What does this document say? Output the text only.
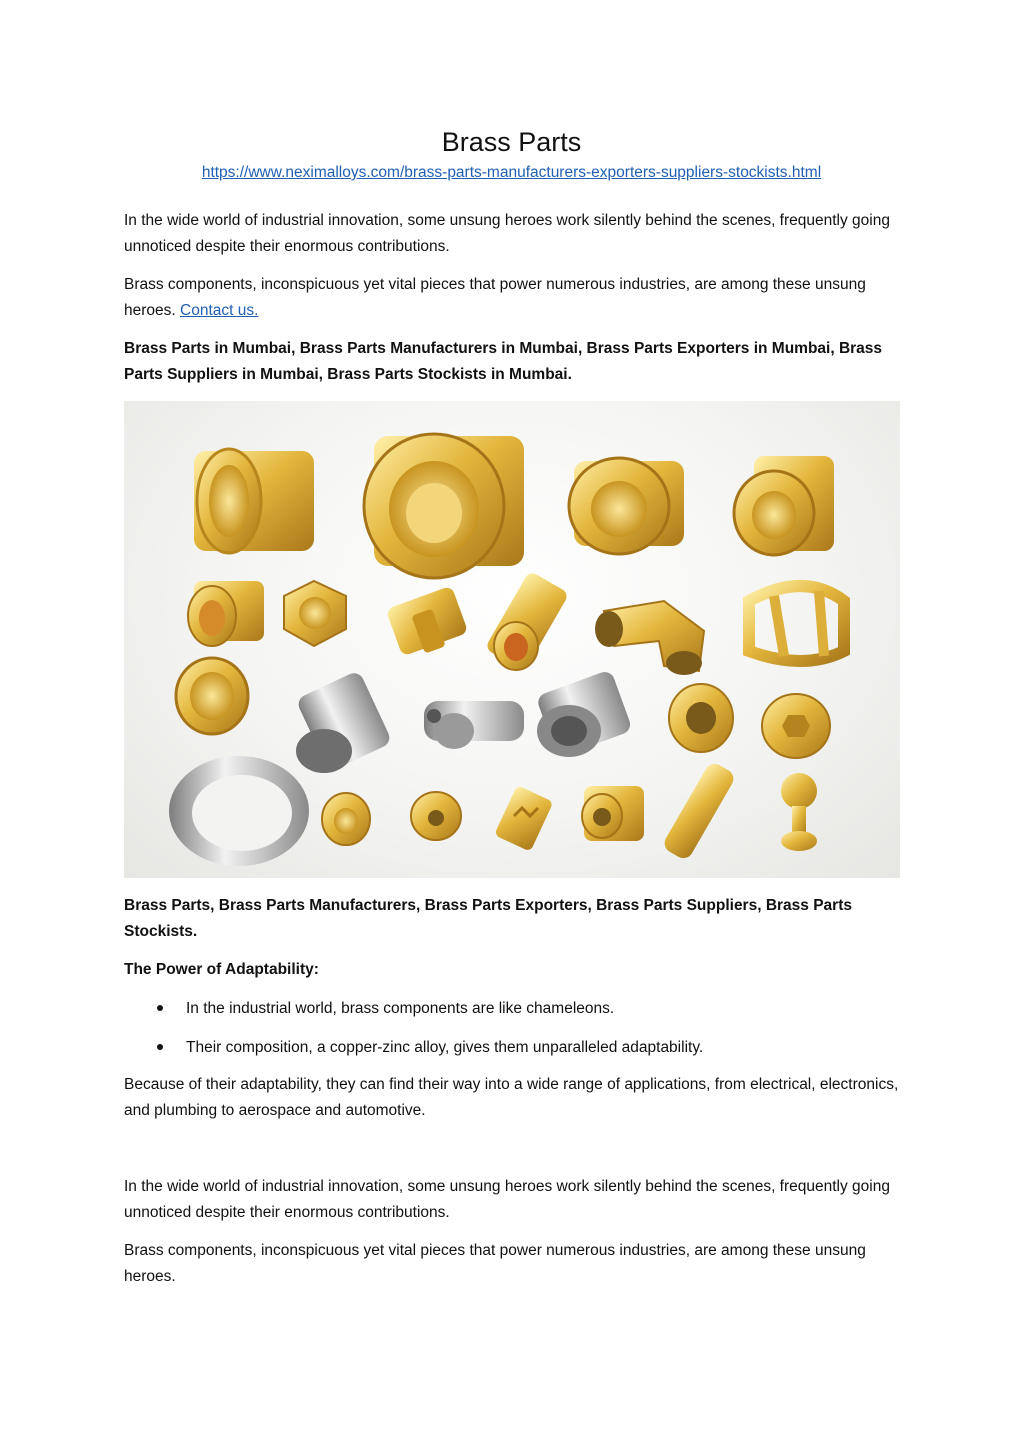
Brass Parts
https://www.neximalloys.com/brass-parts-manufacturers-exporters-suppliers-stockists.html

In the wide world of industrial innovation, some unsung heroes work silently behind the scenes, frequently going unnoticed despite their enormous contributions.

Brass components, inconspicuous yet vital pieces that power numerous industries, are among these unsung heroes. Contact us.

Brass Parts in Mumbai, Brass Parts Manufacturers in Mumbai, Brass Parts Exporters in Mumbai, Brass Parts Suppliers in Mumbai, Brass Parts Stockists in Mumbai.

Brass Parts, Brass Parts Manufacturers, Brass Parts Exporters, Brass Parts Suppliers, Brass Parts Stockists.

The Power of Adaptability:

In the industrial world, brass components are like chameleons.
Their composition, a copper-zinc alloy, gives them unparalleled adaptability.

Because of their adaptability, they can find their way into a wide range of applications, from electrical, electronics, and plumbing to aerospace and automotive.

In the wide world of industrial innovation, some unsung heroes work silently behind the scenes, frequently going unnoticed despite their enormous contributions.

Brass components, inconspicuous yet vital pieces that power numerous industries, are among these unsung heroes.
